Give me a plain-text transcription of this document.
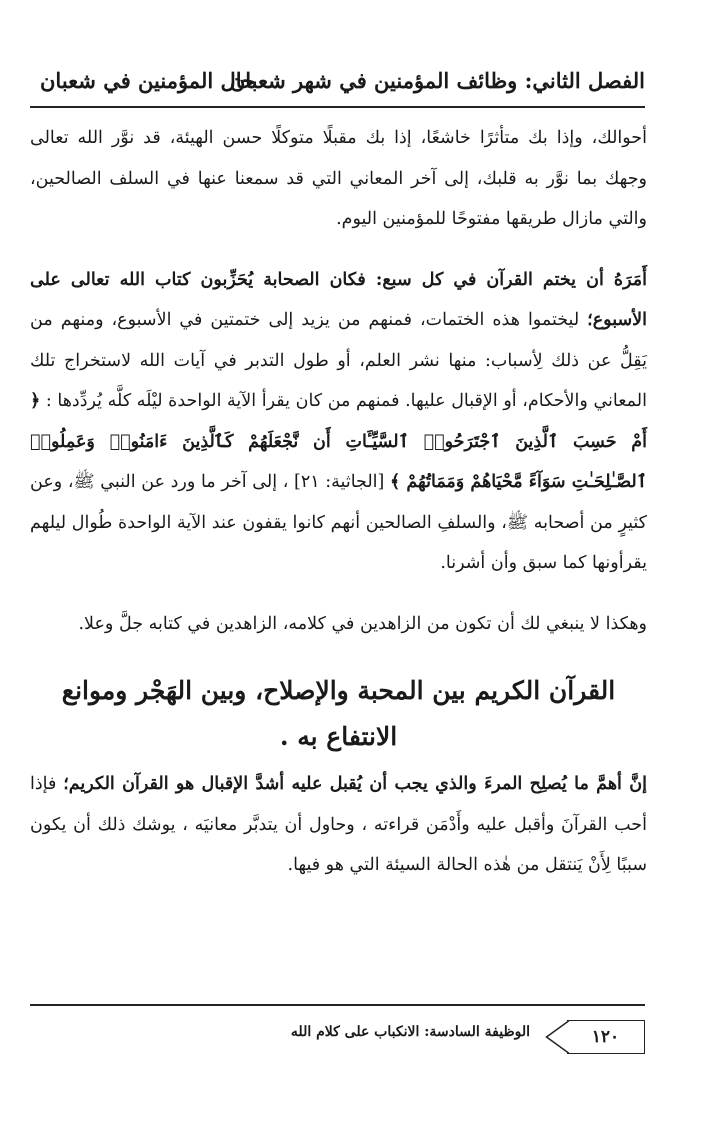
الفصل الثاني: وظائف المؤمنين في شهر شعبان
حال المؤمنين في شعبان

أحوالك، وإذا بك متأثرًا خاشعًا، إذا بك مقبلًا متوكلًا حسن الهيئة، قد نوَّر الله تعالى وجهك بما نوَّر به قلبك، إلى آخر المعاني التي قد سمعنا عنها في السلف الصالحين، والتي مازال طريقها مفتوحًا للمؤمنين اليوم.

أَمَرَهُ أن يختم القرآن في كل سبع: فكان الصحابة يُحَزِّبون كتاب الله تعالى على الأسبوع؛ ليختموا هذه الختمات، فمنهم من يزيد إلى ختمتين في الأسبوع، ومنهم من يَقِلُّ عن ذلك لِأسباب: منها نشر العلم، أو طول التدبر في آيات الله لاستخراج تلك المعاني والأحكام، أو الإقبال عليها. فمنهم من كان يقرأ الآية الواحدة ليْلَه كلَّه يُردِّدها : ﴿ أَمْ حَسِبَ ٱلَّذِينَ ٱجْتَرَحُوا۟ ٱلسَّيِّـَٔاتِ أَن نَّجْعَلَهُمْ كَٱلَّذِينَ ءَامَنُوا۟ وَعَمِلُوا۟ ٱلصَّـٰلِحَـٰتِ سَوَآءً مَّحْيَاهُمْ وَمَمَاتُهُمْ ﴾ [الجاثية: ٢١] ، إلى آخر ما ورد عن النبي ﷺ، وعن كثيرٍ من أصحابه ﷺ، والسلفِ الصالحين أنهم كانوا يقفون عند الآية الواحدة طُوال ليلهم يقرأونها كما سبق وأن أشرنا.

وهكذا لا ينبغي لك أن تكون من الزاهدين في كلامه، الزاهدين في كتابه جلَّ وعلا.

القرآن الكريم بين المحبة والإصلاح، وبين الهَجْر وموانع الانتفاع به .

إنَّ أهمَّ ما يُصلِح المرءَ والذي يجب أن يُقبل عليه أشدَّ الإقبال هو القرآن الكريم؛ فإذا أحب القرآنَ وأقبل عليه وأَدْمَن قراءته ، وحاول أن يتدبَّر معانيَه ، يوشك ذلك أن يكون سببًا لِأَنْ يَنتقل من هٰذه الحالة السيئة التي هو فيها.

١٢٠
الوظيفة السادسة: الانكباب على كلام الله
